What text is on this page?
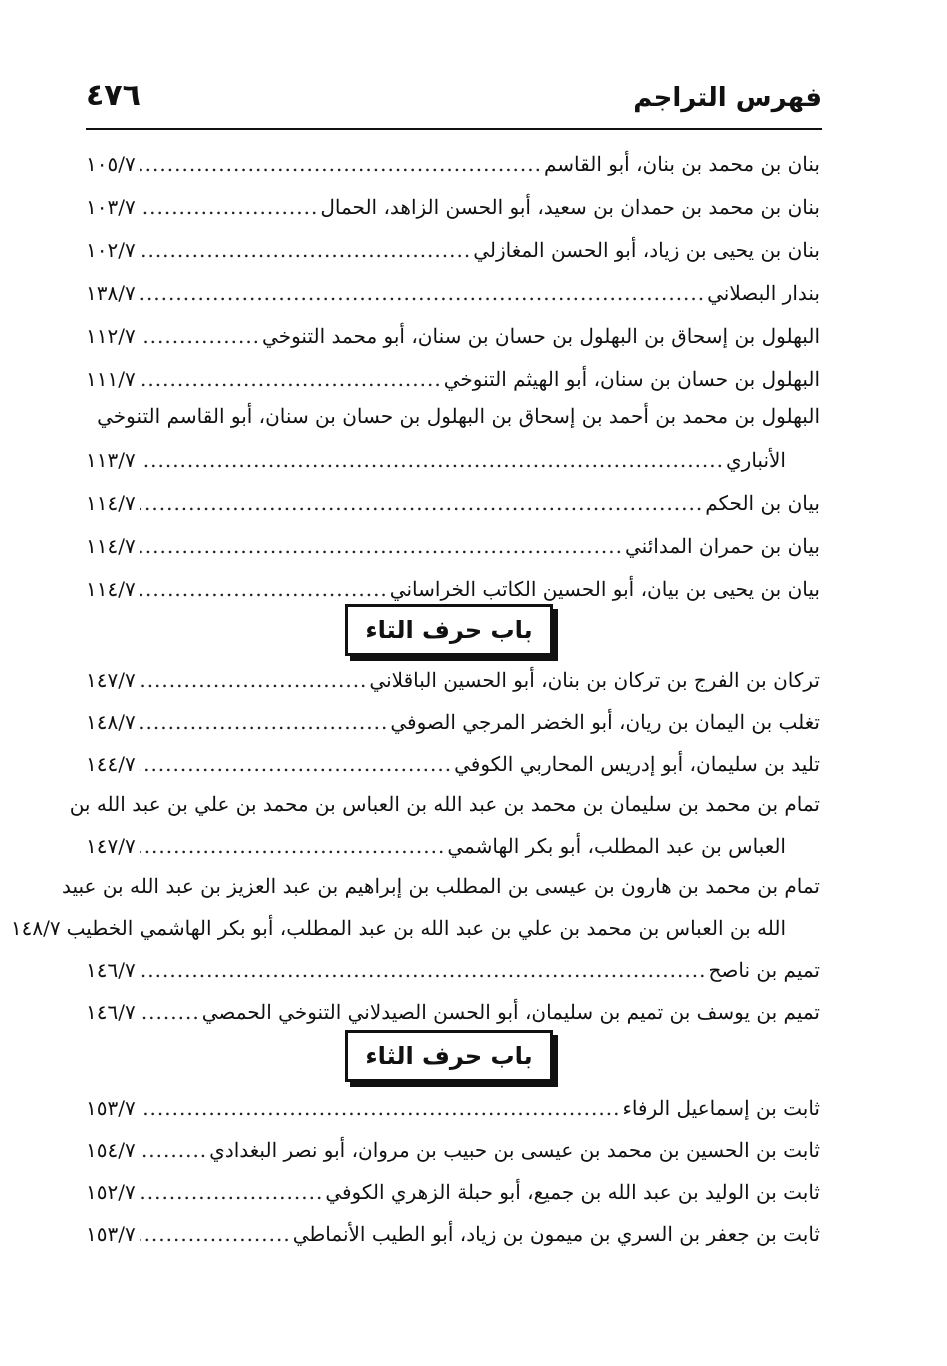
فهرس التراجم
٤٧٦
بنان بن محمد بن بنان، أبو القاسم
.....
١٠٥/٧
بنان بن محمد بن حمدان بن سعيد، أبو الحسن الزاهد، الحمال
.....
١٠٣/٧
بنان بن يحيى بن زياد، أبو الحسن المغازلي
.....
١٠٢/٧
بندار البصلاني
.....
١٣٨/٧
البهلول بن إسحاق بن البهلول بن حسان بن سنان، أبو محمد التنوخي
.....
١١٢/٧
البهلول بن حسان بن سنان، أبو الهيثم التنوخي
.....
١١١/٧
البهلول بن محمد بن أحمد بن إسحاق بن البهلول بن حسان بن سنان، أبو القاسم التنوخي
الأنباري
.....
١١٣/٧
بيان بن الحكم
.....
١١٤/٧
بيان بن حمران المدائني
.....
١١٤/٧
بيان بن يحيى بن بيان، أبو الحسين الكاتب الخراساني
.....
١١٤/٧
باب حرف التاء
تركان بن الفرج بن تركان بن بنان، أبو الحسين الباقلاني
.....
١٤٧/٧
تغلب بن اليمان بن ريان، أبو الخضر المرجي الصوفي
.....
١٤٨/٧
تليد بن سليمان، أبو إدريس المحاربي الكوفي
.....
١٤٤/٧
تمام بن محمد بن سليمان بن محمد بن عبد الله بن العباس بن محمد بن علي بن عبد الله بن
العباس بن عبد المطلب، أبو بكر الهاشمي
.....
١٤٧/٧
تمام بن محمد بن هارون بن عيسى بن المطلب بن إبراهيم بن عبد العزيز بن عبد الله بن عبيد
الله بن العباس بن محمد بن علي بن عبد الله بن عبد المطلب، أبو بكر الهاشمي الخطيب
١٤٨/٧
تميم بن ناصح
.....
١٤٦/٧
تميم بن يوسف بن تميم بن سليمان، أبو الحسن الصيدلاني التنوخي الحمصي
.....
١٤٦/٧
باب حرف الثاء
ثابت بن إسماعيل الرفاء
.....
١٥٣/٧
ثابت بن الحسين بن محمد بن عيسى بن حبيب بن مروان، أبو نصر البغدادي
.....
١٥٤/٧
ثابت بن الوليد بن عبد الله بن جميع، أبو حبلة الزهري الكوفي
.....
١٥٢/٧
ثابت بن جعفر بن السري بن ميمون بن زياد، أبو الطيب الأنماطي
.....
١٥٣/٧
